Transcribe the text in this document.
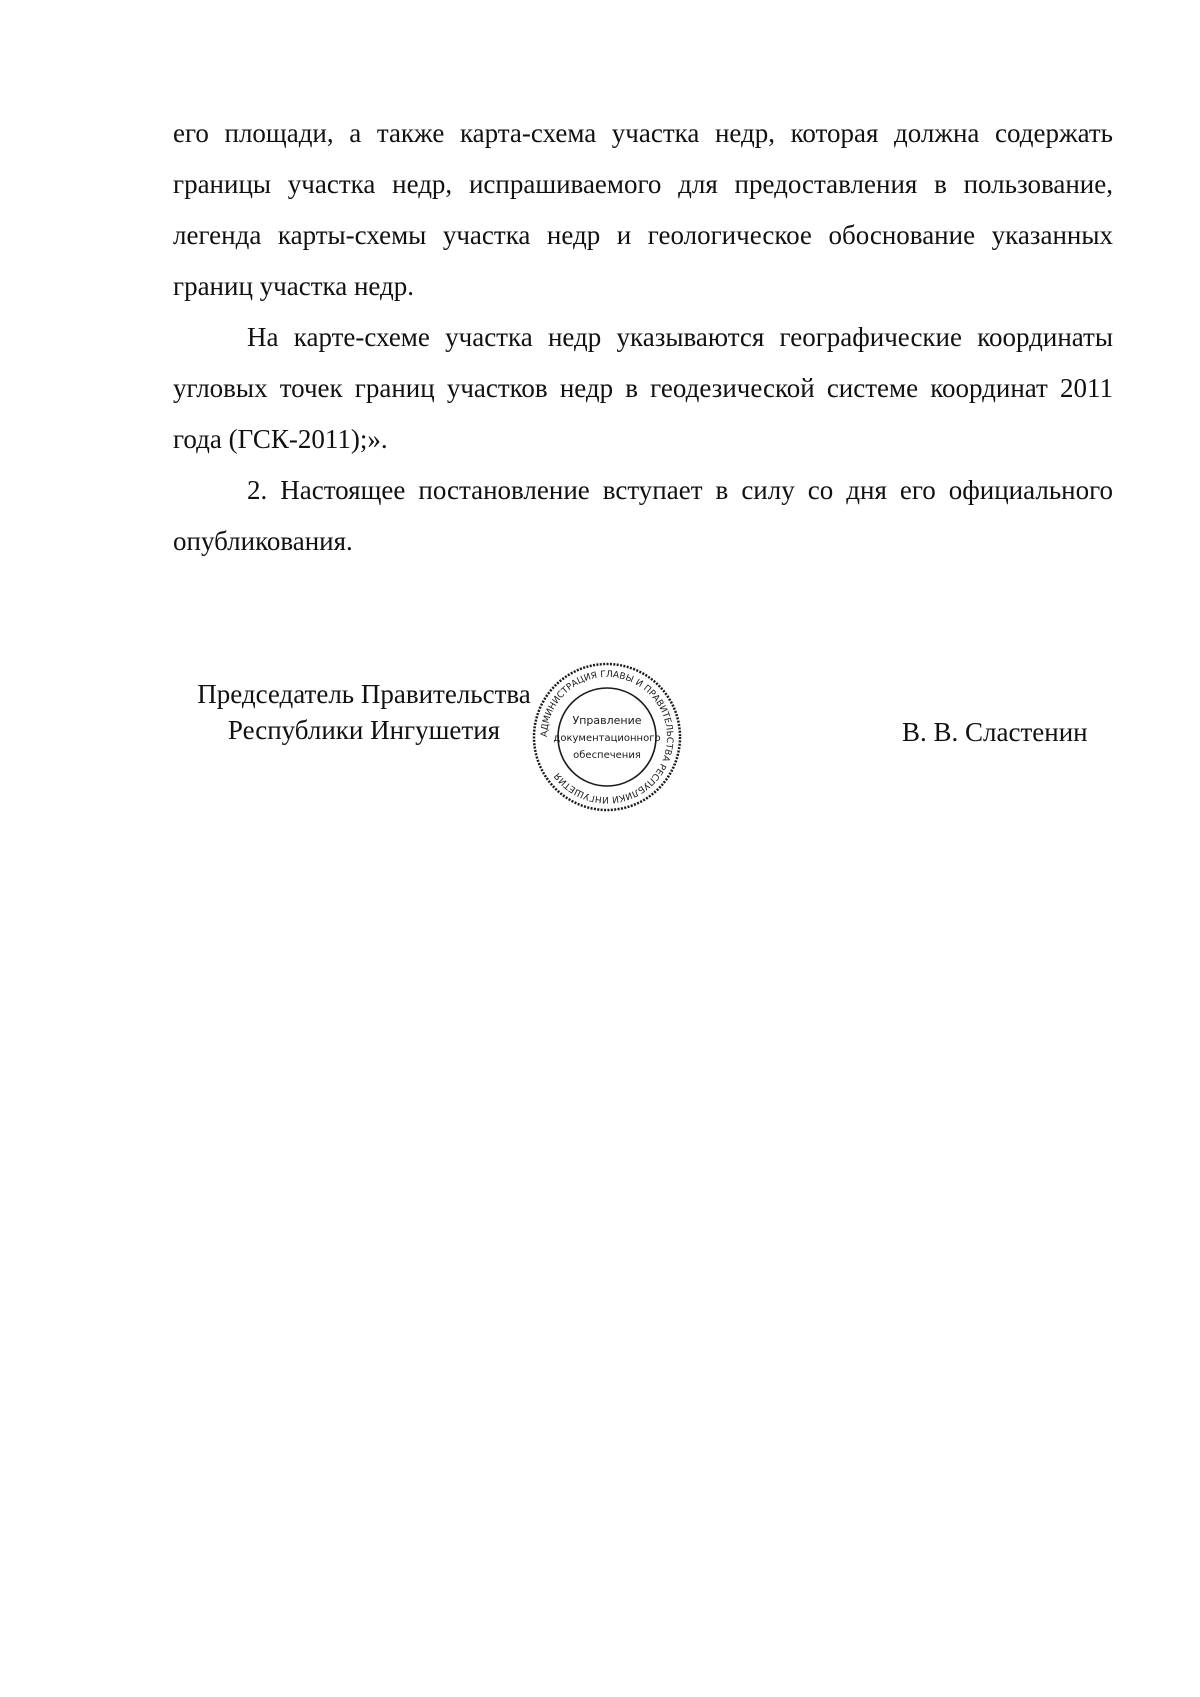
его площади, а также карта-схема участка недр, которая должна содержать границы участка недр, испрашиваемого для предоставления в пользование, легенда карты-схемы участка недр и геологическое обоснование указанных границ участка недр.

На карте-схеме участка недр указываются географические координаты угловых точек границ участков недр в геодезической системе координат 2011 года (ГСК-2011);».

2. Настоящее постановление вступает в силу со дня его официального опубликования.

Председатель Правительства
Республики Ингушетия	АДМИНИСТРАЦИЯ ГЛАВЫ И ПРАВИТЕЛЬСТВА РЕСПУБЛИКИ ИНГУШЕТИЯ
Управление
документационного
обеспечения
В. В. Сластенин
